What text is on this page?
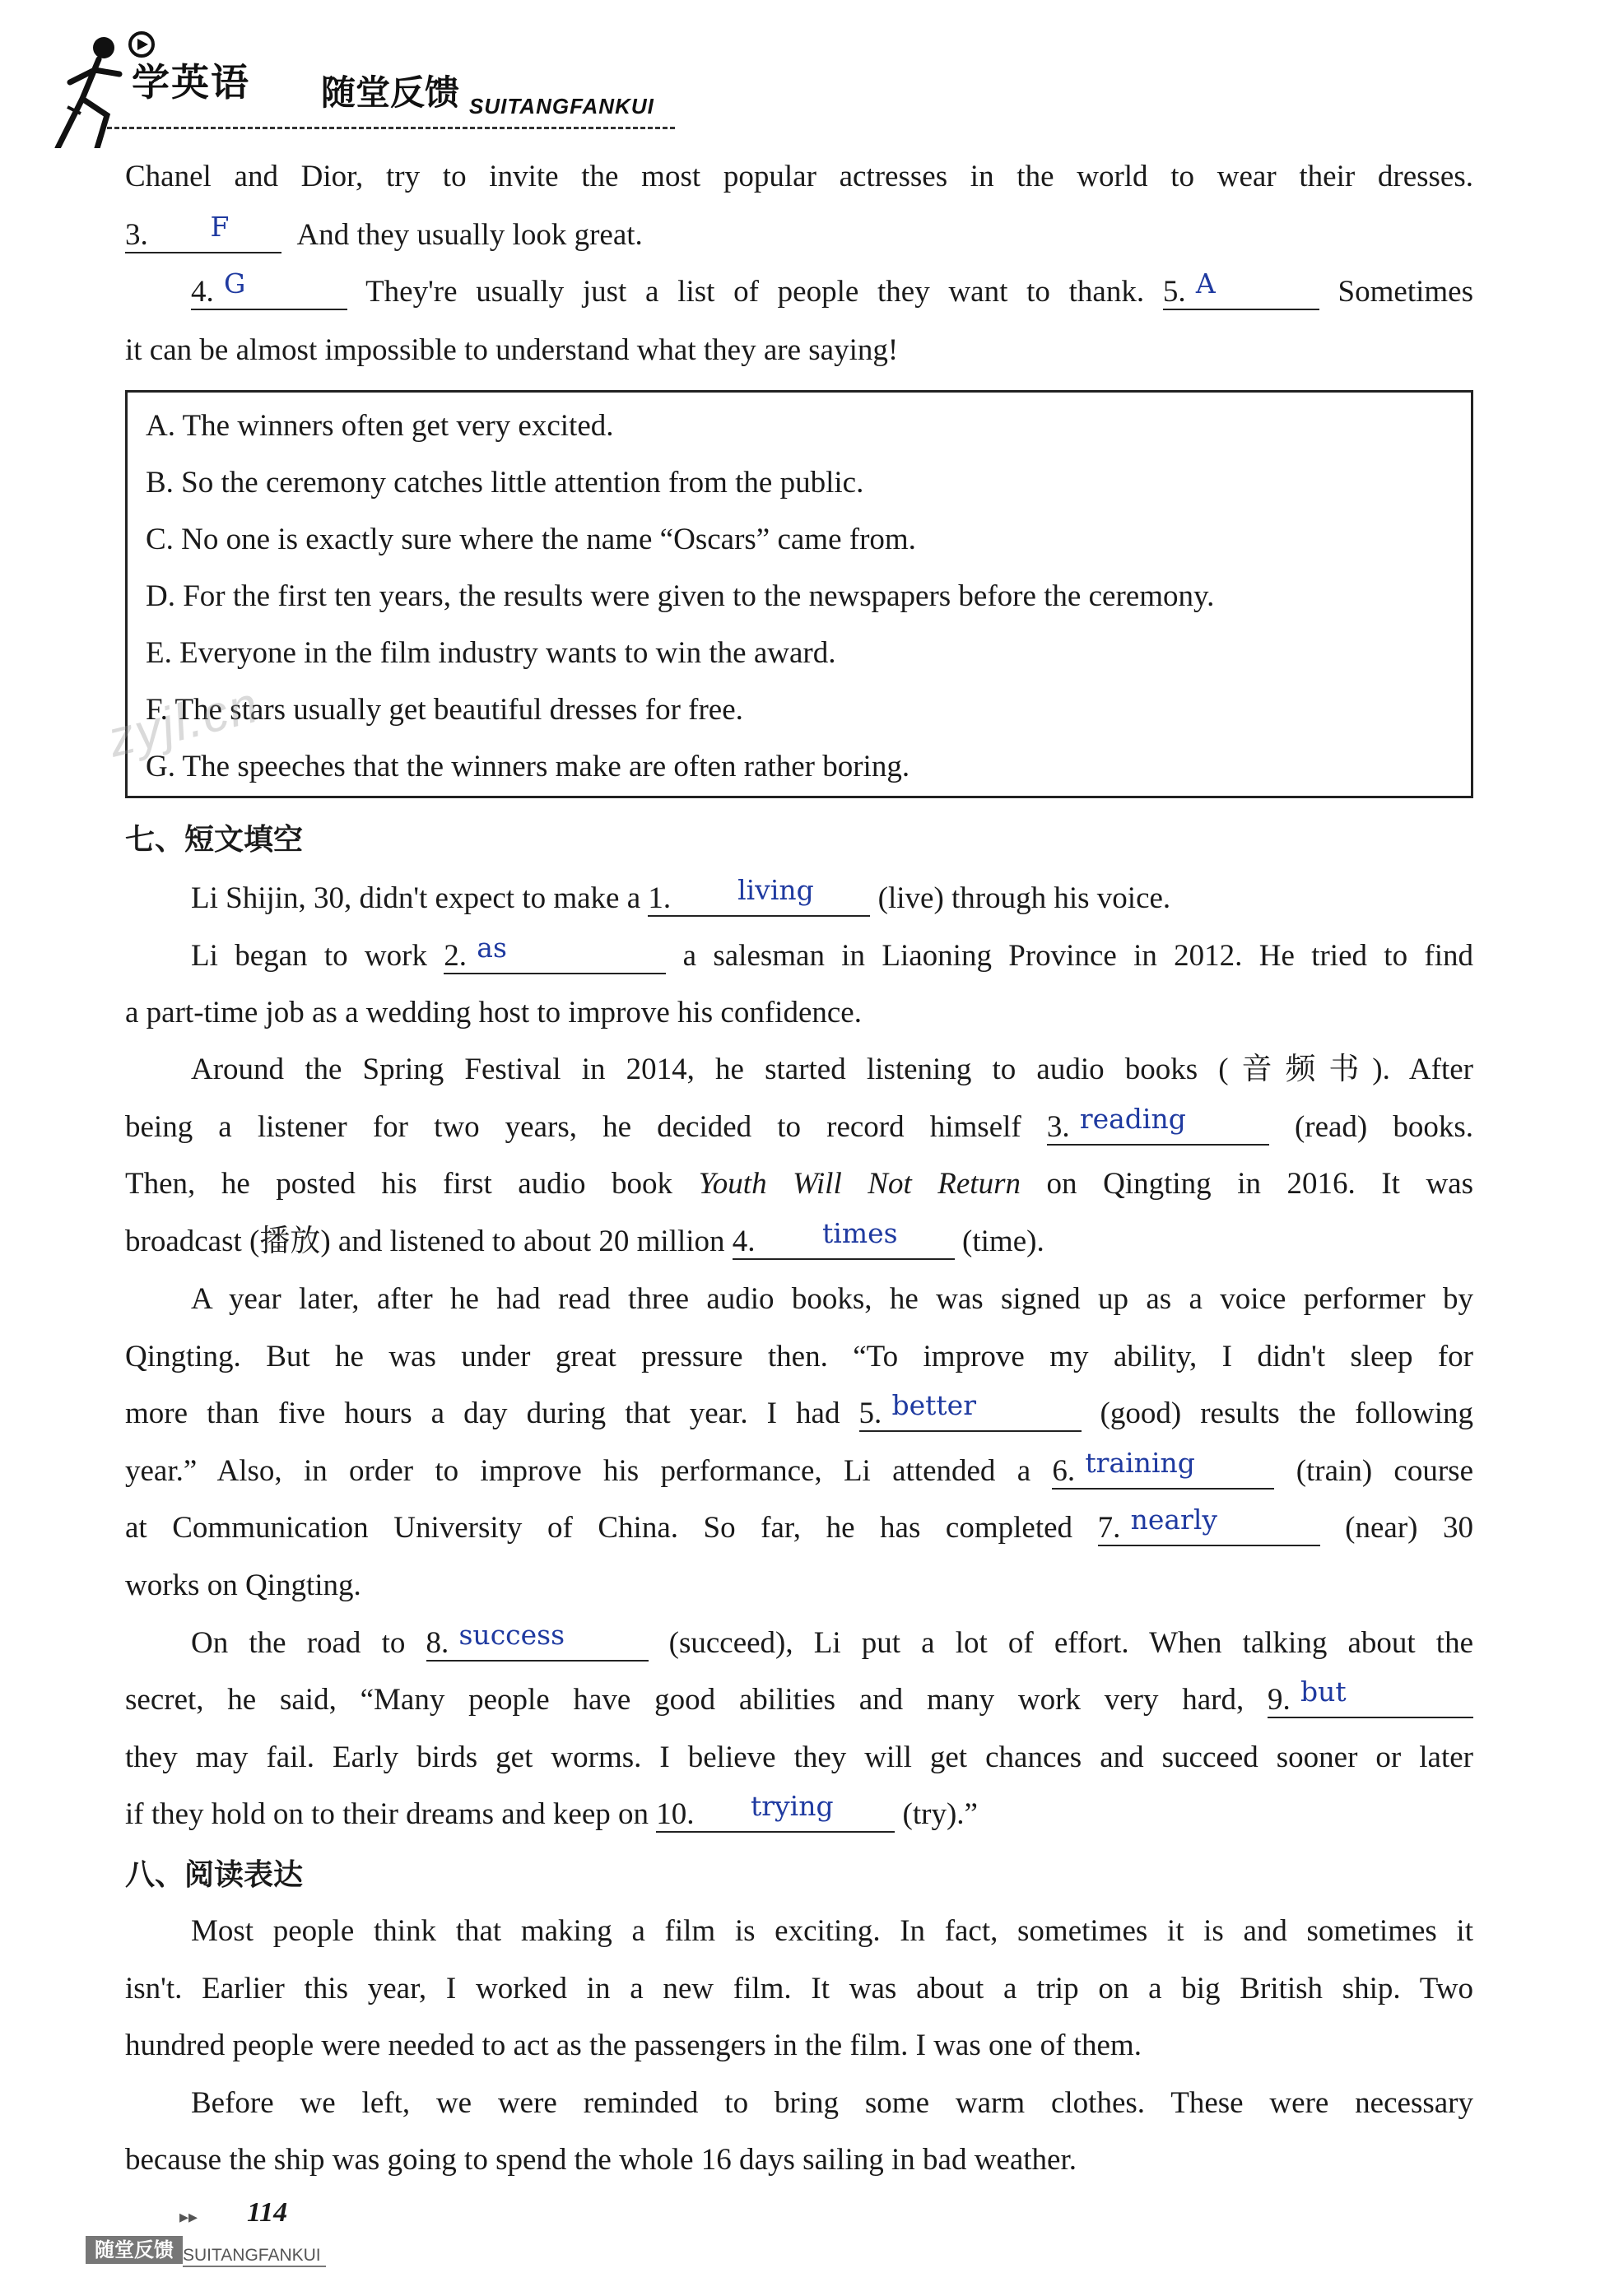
学英语 随堂反馈 SUITANGFANKUI
Chanel and Dior, try to invite the most popular actresses in the world to wear their dresses.
3.	F	And they usually look great.
4. G	They're usually just a list of people they want to thank. 5. A	Sometimes
it can be almost impossible to understand what they are saying!
A. The winners often get very excited.
B. So the ceremony catches little attention from the public.
C. No one is exactly sure where the name “Oscars” came from.
D. For the first ten years, the results were given to the newspapers before the ceremony.
E. Everyone in the film industry wants to win the award.
F. The stars usually get beautiful dresses for free.
G. The speeches that the winners make are often rather boring.
zyjl.cn
七、短文填空
Li Shijin, 30, didn't expect to make a 1.	living	(live) through his voice.
Li began to work 2. as	a salesman in Liaoning Province in 2012. He tried to find
a part-time job as a wedding host to improve his confidence.
Around the Spring Festival in 2014, he started listening to audio books (音频书). After
being a listener for two years, he decided to record himself 3. reading	(read) books.
Then, he posted his first audio book Youth Will Not Return on Qingting in 2016. It was
broadcast (播放) and listened to about 20 million 4.	times	(time).
A year later, after he had read three audio books, he was signed up as a voice performer by
Qingting. But he was under great pressure then. “To improve my ability, I didn't sleep for
more than five hours a day during that year. I had 5. better	(good) results the following
year.” Also, in order to improve his performance, Li attended a 6. training	(train) course
at Communication University of China. So far, he has completed 7. nearly	(near) 30
works on Qingting.
On the road to 8. success	(succeed), Li put a lot of effort. When talking about the
secret, he said, “Many people have good abilities and many work very hard, 9. but
they may fail. Early birds get worms. I believe they will get chances and succeed sooner or later
if they hold on to their dreams and keep on 10.	trying	(try).”
八、阅读表达
Most people think that making a film is exciting. In fact, sometimes it is and sometimes it
isn't. Earlier this year, I worked in a new film. It was about a trip on a big British ship. Two
hundred people were needed to act as the passengers in the film. I was one of them.
Before we left, we were reminded to bring some warm clothes. These were necessary
because the ship was going to spend the whole 16 days sailing in bad weather.
▸▸ 114
随堂反馈 SUITANGFANKUI
